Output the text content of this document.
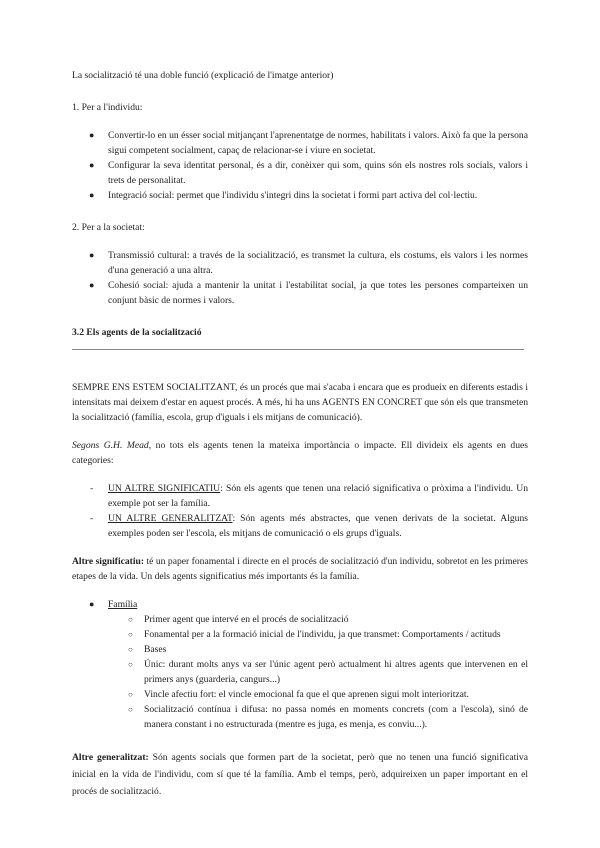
La socialització té una doble funció (explicació de l'imatge anterior)

1. Per a l'individu:

● Convertir-lo en un ésser social mitjançant l'aprenentatge de normes, habilitats i valors. Això fa que la persona sigui competent socialment, capaç de relacionar-se i viure en societat.
● Configurar la seva identitat personal, és a dir, conèixer qui som, quins són els nostres rols socials, valors i trets de personalitat.
● Integració social: permet que l'individu s'integri dins la societat i formi part activa del col·lectiu.

2. Per a la societat:

● Transmissió cultural: a través de la socialització, es transmet la cultura, els costums, els valors i les normes d'una generació a una altra.
● Cohesió social: ajuda a mantenir la unitat i l'estabilitat social, ja que totes les persones comparteixen un conjunt bàsic de normes i valors.

3.2 Els agents de la socialització

SEMPRE ENS ESTEM SOCIALITZANT, és un procés que mai s'acaba i encara que es produeix en diferents estadis i intensitats mai deixem d'estar en aquest procés. A més, hi ha uns AGENTS EN CONCRET que són els que transmeten la socialització (família, escola, grup d'iguals i els mitjans de comunicació).

Segons G.H. Mead, no tots els agents tenen la mateixa importància o impacte. Ell divideix els agents en dues categories:

- UN ALTRE SIGNIFICATIU: Són els agents que tenen una relació significativa o pròxima a l'individu. Un exemple pot ser la família.
- UN ALTRE GENERALITZAT: Són agents més abstractes, que venen derivats de la societat. Alguns exemples poden ser l'escola, els mitjans de comunicació o els grups d'iguals.

Altre significatiu: té un paper fonamental i directe en el procés de socialització d'un individu, sobretot en les primeres etapes de la vida. Un dels agents significatius més importants és la família.

● Família
○ Primer agent que intervé en el procés de socialització
○ Fonamental per a la formació inicial de l'individu, ja que transmet: Comportaments / actituds
○ Bases
○ Únic: durant molts anys va ser l'únic agent però actualment hi altres agents que intervenen en el primers anys (guarderia, cangurs...)
○ Vincle afectiu fort: el vincle emocional fa que el que aprenen sigui molt interioritzat.
○ Socialització contínua i difusa: no passa només en moments concrets (com a l'escola), sinó de manera constant i no estructurada (mentre es juga, es menja, es conviu...).

Altre generalitzat: Són agents socials que formen part de la societat, però que no tenen una funció significativa inicial en la vida de l'individu, com sí que té la família. Amb el temps, però, adquireixen un paper important en el procés de socialització.
